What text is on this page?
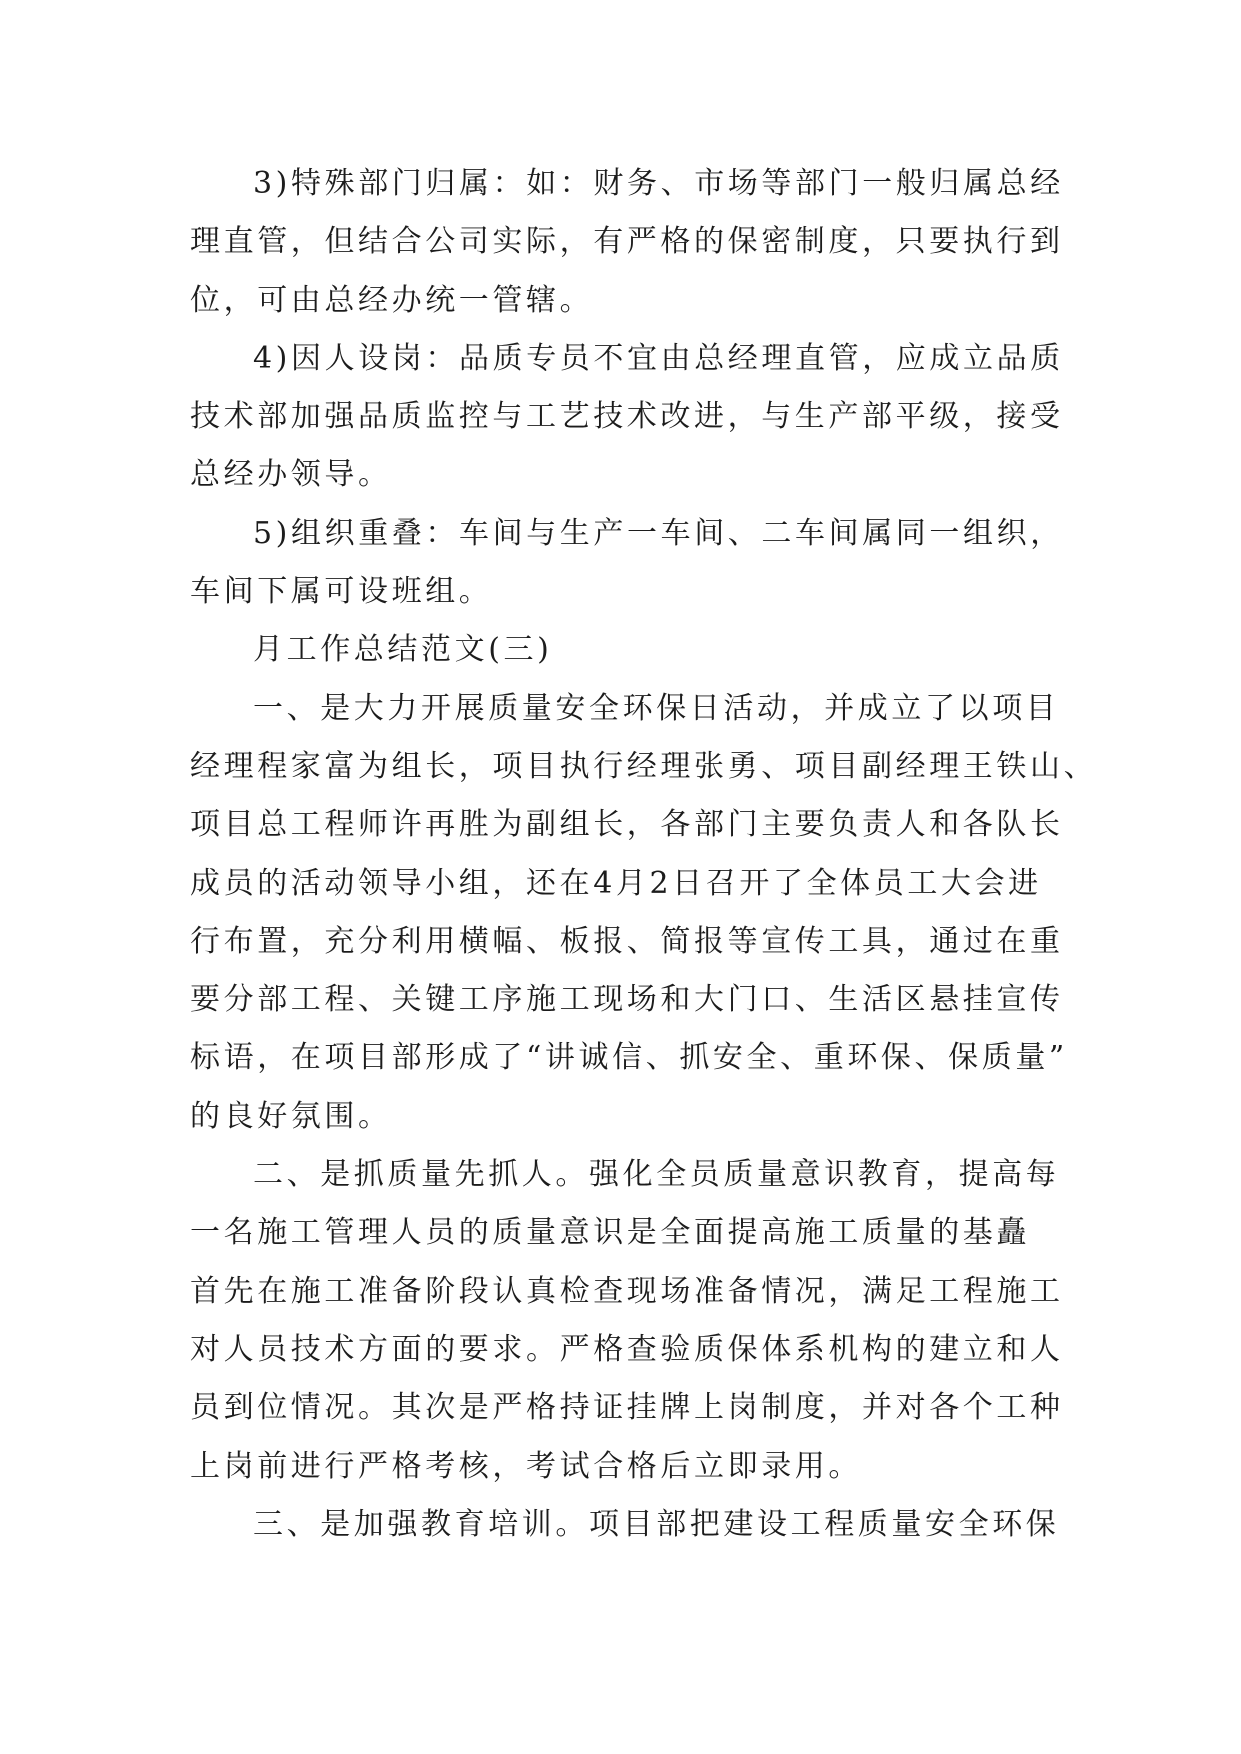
3)特殊部门归属：如：财务、市场等部门一般归属总经
理直管，但结合公司实际，有严格的保密制度，只要执行到
位，可由总经办统一管辖。
4)因人设岗：品质专员不宜由总经理直管，应成立品质
技术部加强品质监控与工艺技术改进，与生产部平级，接受
总经办领导。
5)组织重叠：车间与生产一车间、二车间属同一组织，
车间下属可设班组。
月工作总结范文(三)
一、是大力开展质量安全环保日活动，并成立了以项目
经理程家富为组长，项目执行经理张勇、项目副经理王铁山、
项目总工程师许再胜为副组长，各部门主要负责人和各队长
成员的活动领导小组，还在4月2日召开了全体员工大会进
行布置，充分利用横幅、板报、简报等宣传工具，通过在重
要分部工程、关键工序施工现场和大门口、生活区悬挂宣传
标语，在项目部形成了“讲诚信、抓安全、重环保、保质量”
的良好氛围。
二、是抓质量先抓人。强化全员质量意识教育，提高每
一名施工管理人员的质量意识是全面提高施工质量的基矗
首先在施工准备阶段认真检查现场准备情况，满足工程施工
对人员技术方面的要求。严格查验质保体系机构的建立和人
员到位情况。其次是严格持证挂牌上岗制度，并对各个工种
上岗前进行严格考核，考试合格后立即录用。
三、是加强教育培训。项目部把建设工程质量安全环保
